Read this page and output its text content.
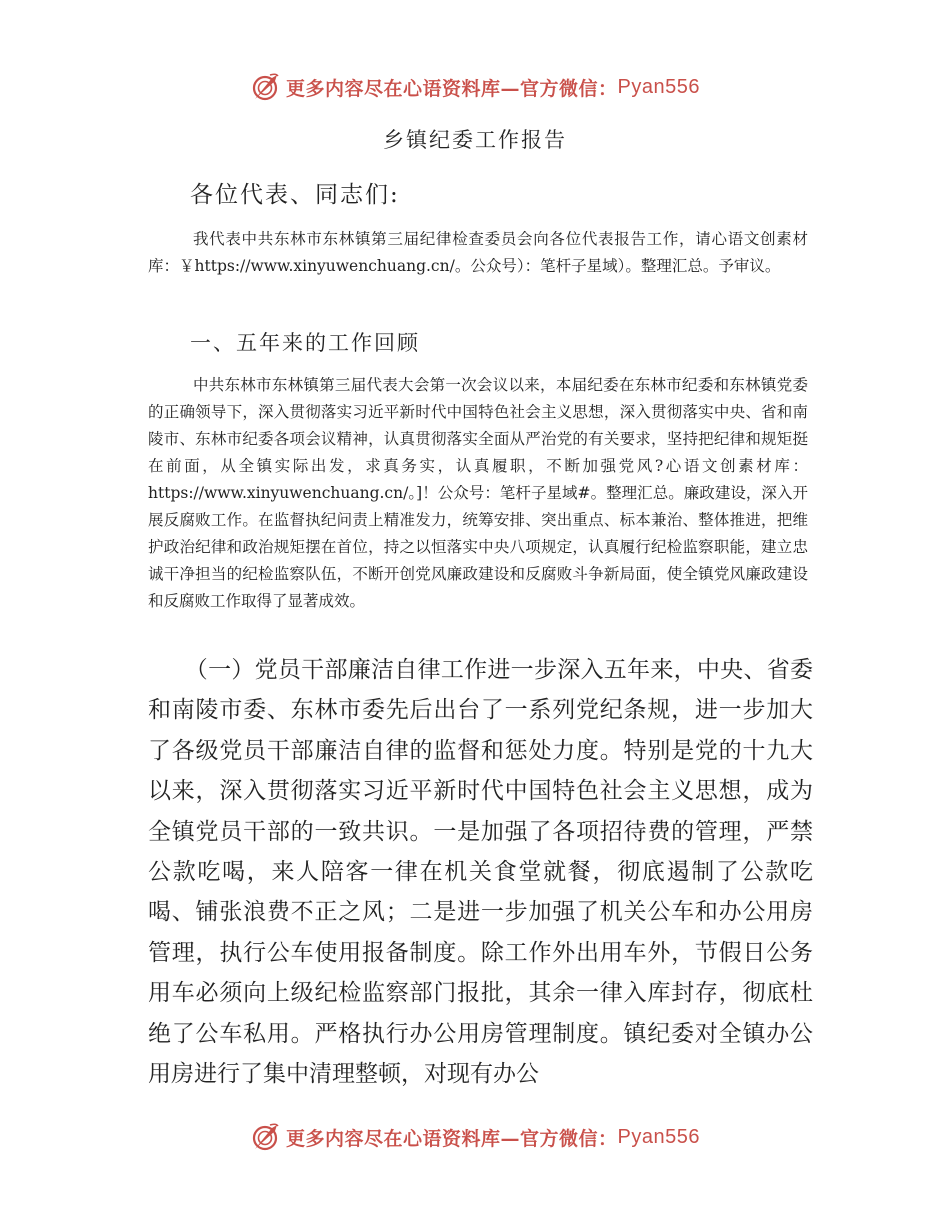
更多内容尽在心语资料库—官方微信： Pyan556
乡镇纪委工作报告
各位代表、同志们:

我代表中共东林市东林镇第三届纪律检查委员会向各位代表报告工作，请心语文创素材库：￥https://www.xinyuwenchuang.cn/。公众号）：笔杆子星域）。整理汇总。予审议。

一、五年来的工作回顾

中共东林市东林镇第三届代表大会第一次会议以来，本届纪委在东林市纪委和东林镇党委的正确领导下，深入贯彻落实习近平新时代中国特色社会主义思想，深入贯彻落实中央、省和南陵市、东林市纪委各项会议精神，认真贯彻落实全面从严治党的有关要求，坚持把纪律和规矩挺在前面，从全镇实际出发，求真务实，认真履职，不断加强党风?心语文创素材库：https://www.xinyuwenchuang.cn/。]！公众号：笔杆子星域#。整理汇总。廉政建设，深入开展反腐败工作。在监督执纪问责上精准发力，统筹安排、突出重点、标本兼治、整体推进，把维护政治纪律和政治规矩摆在首位，持之以恒落实中央八项规定，认真履行纪检监察职能，建立忠诚干净担当的纪检监察队伍，不断开创党风廉政建设和反腐败斗争新局面，使全镇党风廉政建设和反腐败工作取得了显著成效。

（一）党员干部廉洁自律工作进一步深入五年来，中央、省委和南陵市委、东林市委先后出台了一系列党纪条规，进一步加大了各级党员干部廉洁自律的监督和惩处力度。特别是党的十九大以来，深入贯彻落实习近平新时代中国特色社会主义思想，成为全镇党员干部的一致共识。一是加强了各项招待费的管理，严禁公款吃喝，来人陪客一律在机关食堂就餐，彻底遏制了公款吃喝、铺张浪费不正之风；二是进一步加强了机关公车和办公用房管理，执行公车使用报备制度。除工作外出用车外，节假日公务用车必须向上级纪检监察部门报批，其余一律入库封存，彻底杜绝了公车私用。严格执行办公用房管理制度。镇纪委对全镇办公用房进行了集中清理整顿，对现有办公

更多内容尽在心语资料库—官方微信： Pyan556
